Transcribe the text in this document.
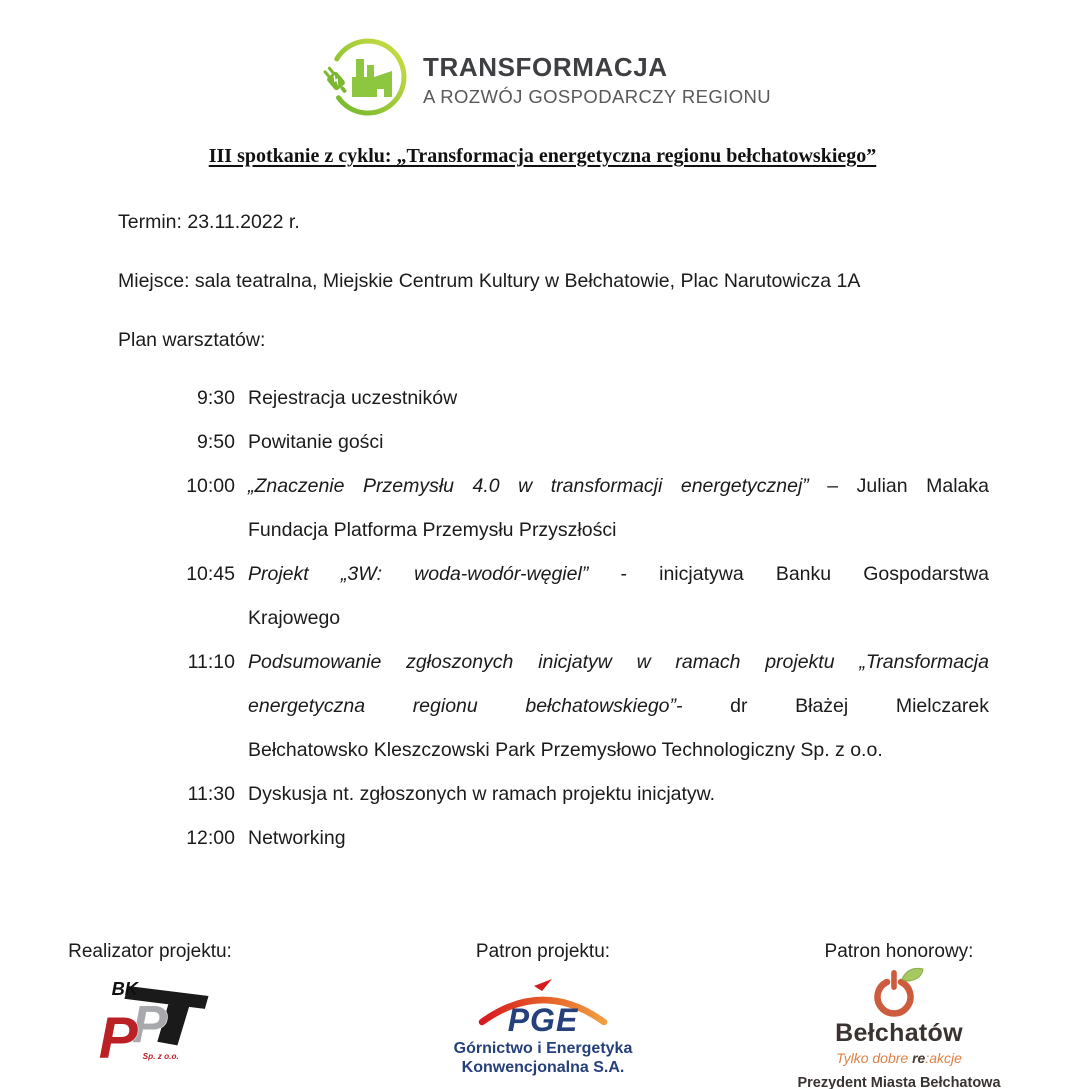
TRANSFORMACJA
A ROZWÓJ GOSPODARCZY REGIONU
III spotkanie z cyklu: „Transformacja energetyczna regionu bełchatowskiego”
Termin: 23.11.2022 r.
Miejsce: sala teatralna, Miejskie Centrum Kultury w Bełchatowie, Plac Narutowicza 1A
Plan warsztatów:
9:30 Rejestracja uczestników
9:50 Powitanie gości
10:00 „Znaczenie Przemysłu 4.0 w transformacji energetycznej” – Julian Malaka
Fundacja Platforma Przemysłu Przyszłości
10:45 Projekt „3W: woda-wodór-węgiel” - inicjatywa Banku Gospodarstwa
Krajowego
11:10 Podsumowanie zgłoszonych inicjatyw w ramach projektu „Transformacja
energetyczna regionu bełchatowskiego”- dr Błażej Mielczarek
Bełchatowsko Kleszczowski Park Przemysłowo Technologiczny Sp. z o.o.
11:30 Dyskusja nt. zgłoszonych w ramach projektu inicjatyw.
12:00 Networking
Realizator projektu:
BK
P
P Sp. z o.o.
Patron projektu:
PGE
Górnictwo i Energetyka
Konwencjonalna S.A.
Patron honorowy:
Bełchatów
Tylko dobre re:akcje
Prezydent Miasta Bełchatowa
